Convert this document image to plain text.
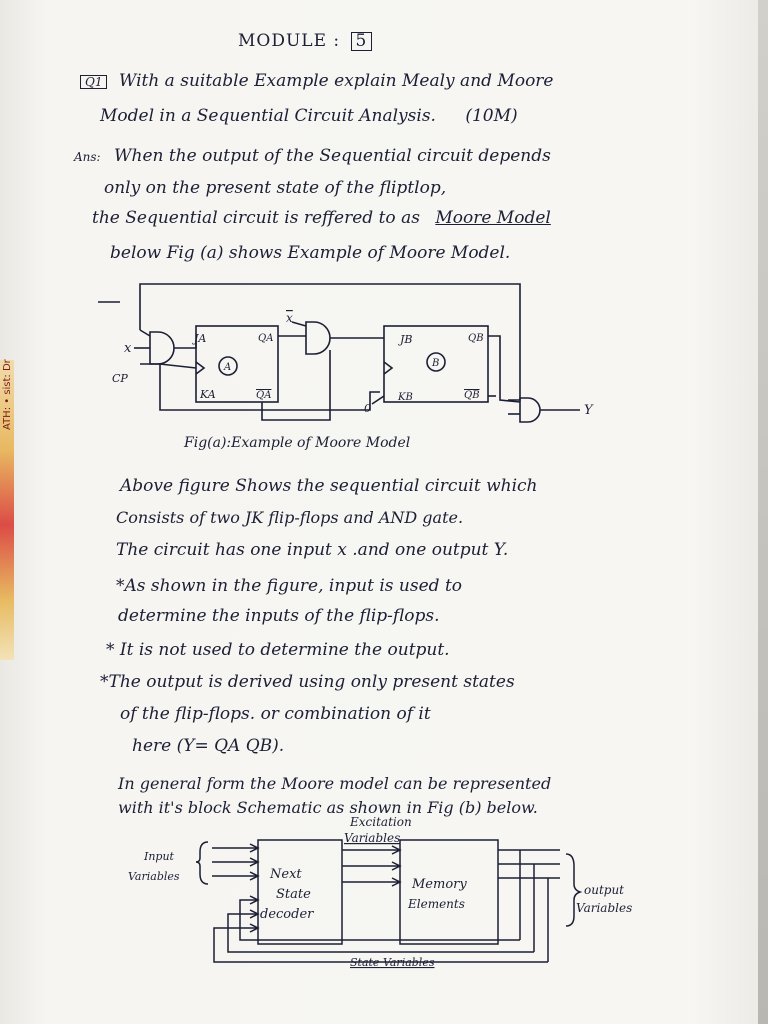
ATH: • sist: Dr
MODULE : 5
Q1 With a suitable Example explain Mealy and Moore
Model in a Sequential Circuit Analysis. (10M)
Ans: When the output of the Sequential circuit depends
only on the present state of the fliptlop,
the Sequential circuit is reffered to as Moore Model
below Fig (a) shows Example of Moore Model.
JA
KA
QA
QA
A
JB
KB
QB
QB
B
x
x
CP
Y
0
Fig(a):Example of Moore Model
Above figure Shows the sequential circuit which
Consists of two JK flip-flops and AND gate.
The circuit has one input x .and one output Y.
*As shown in the figure, input is used to
determine the inputs of the flip-flops.
* It is not used to determine the output.
*The output is derived using only present states
of the flip-flops. or combination of it
here (Y= QA QB).
In general form the Moore model can be represented
with it's block Schematic as shown in Fig (b) below.
Excitation
Variables
Input
Variables	Next
State
decoder
Memory
Elements
output
Variables
State Variables
